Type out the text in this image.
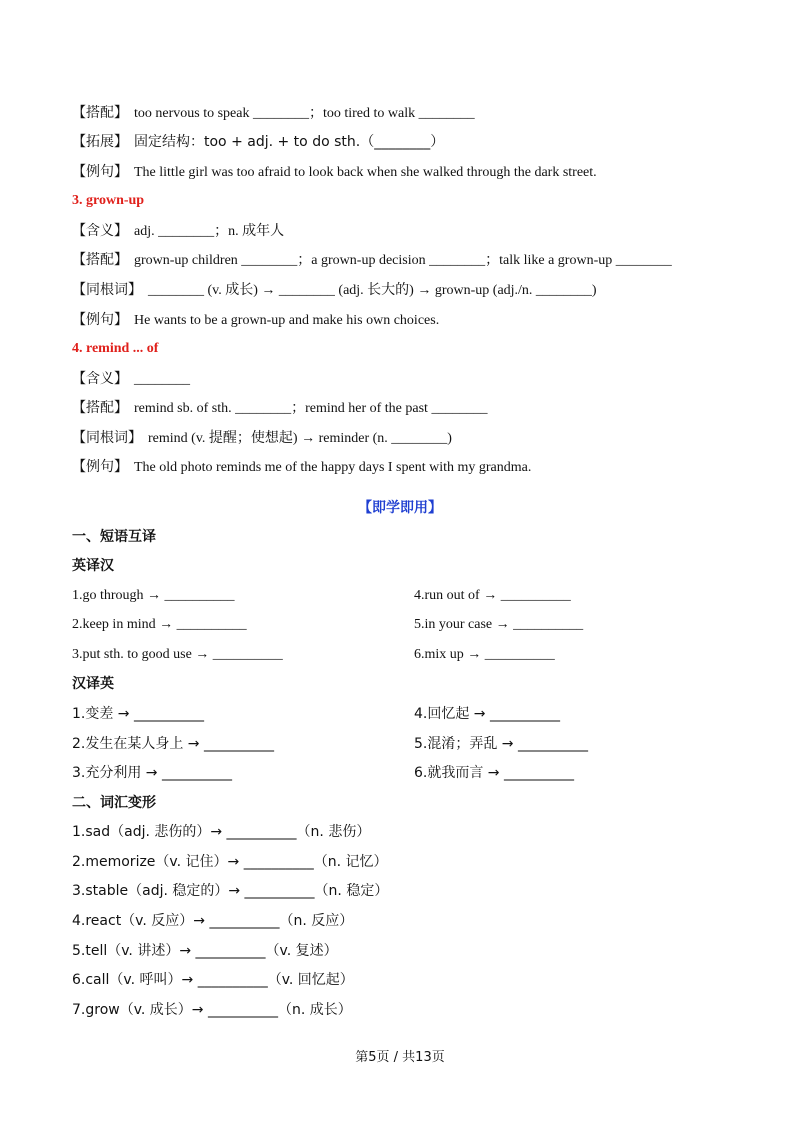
【搭配】 too nervous to speak ________；too tired to walk ________
【拓展】 固定结构：too + adj. + to do sth.（________）
【例句】 The little girl was too afraid to look back when she walked through the dark street.
3. grown-up
【含义】 adj. ________；n. 成年人
【搭配】 grown-up children ________；a grown-up decision ________；talk like a grown-up ________
【同根词】 ________ (v. 成长) → ________ (adj. 长大的) → grown-up (adj./n. ________)
【例句】 He wants to be a grown-up and make his own choices.
4. remind ... of
【含义】 ________
【搭配】 remind sb. of sth. ________；remind her of the past ________
【同根词】 remind (v. 提醒；使想起) → reminder (n. ________)
【例句】 The old photo reminds me of the happy days I spent with my grandma.
【即学即用】
一、短语互译
英译汉
1.go through → __________	4.run out of → __________
2.keep in mind → __________	5.in your case → __________
3.put sth. to good use → __________	6.mix up → __________
汉译英
1.变差 → __________	4.回忆起 → __________
2.发生在某人身上 → __________	5.混淆；弄乱 → __________
3.充分利用 → __________	6.就我而言 → __________
二、词汇变形
1.sad（adj. 悲伤的）→ __________（n. 悲伤）
2.memorize（v. 记住）→ __________（n. 记忆）
3.stable（adj. 稳定的）→ __________（n. 稳定）
4.react（v. 反应）→ __________（n. 反应）
5.tell（v. 讲述）→ __________（v. 复述）
6.call（v. 呼叫）→ __________（v. 回忆起）
7.grow（v. 成长）→ __________（n. 成长）
第5页 / 共13页
